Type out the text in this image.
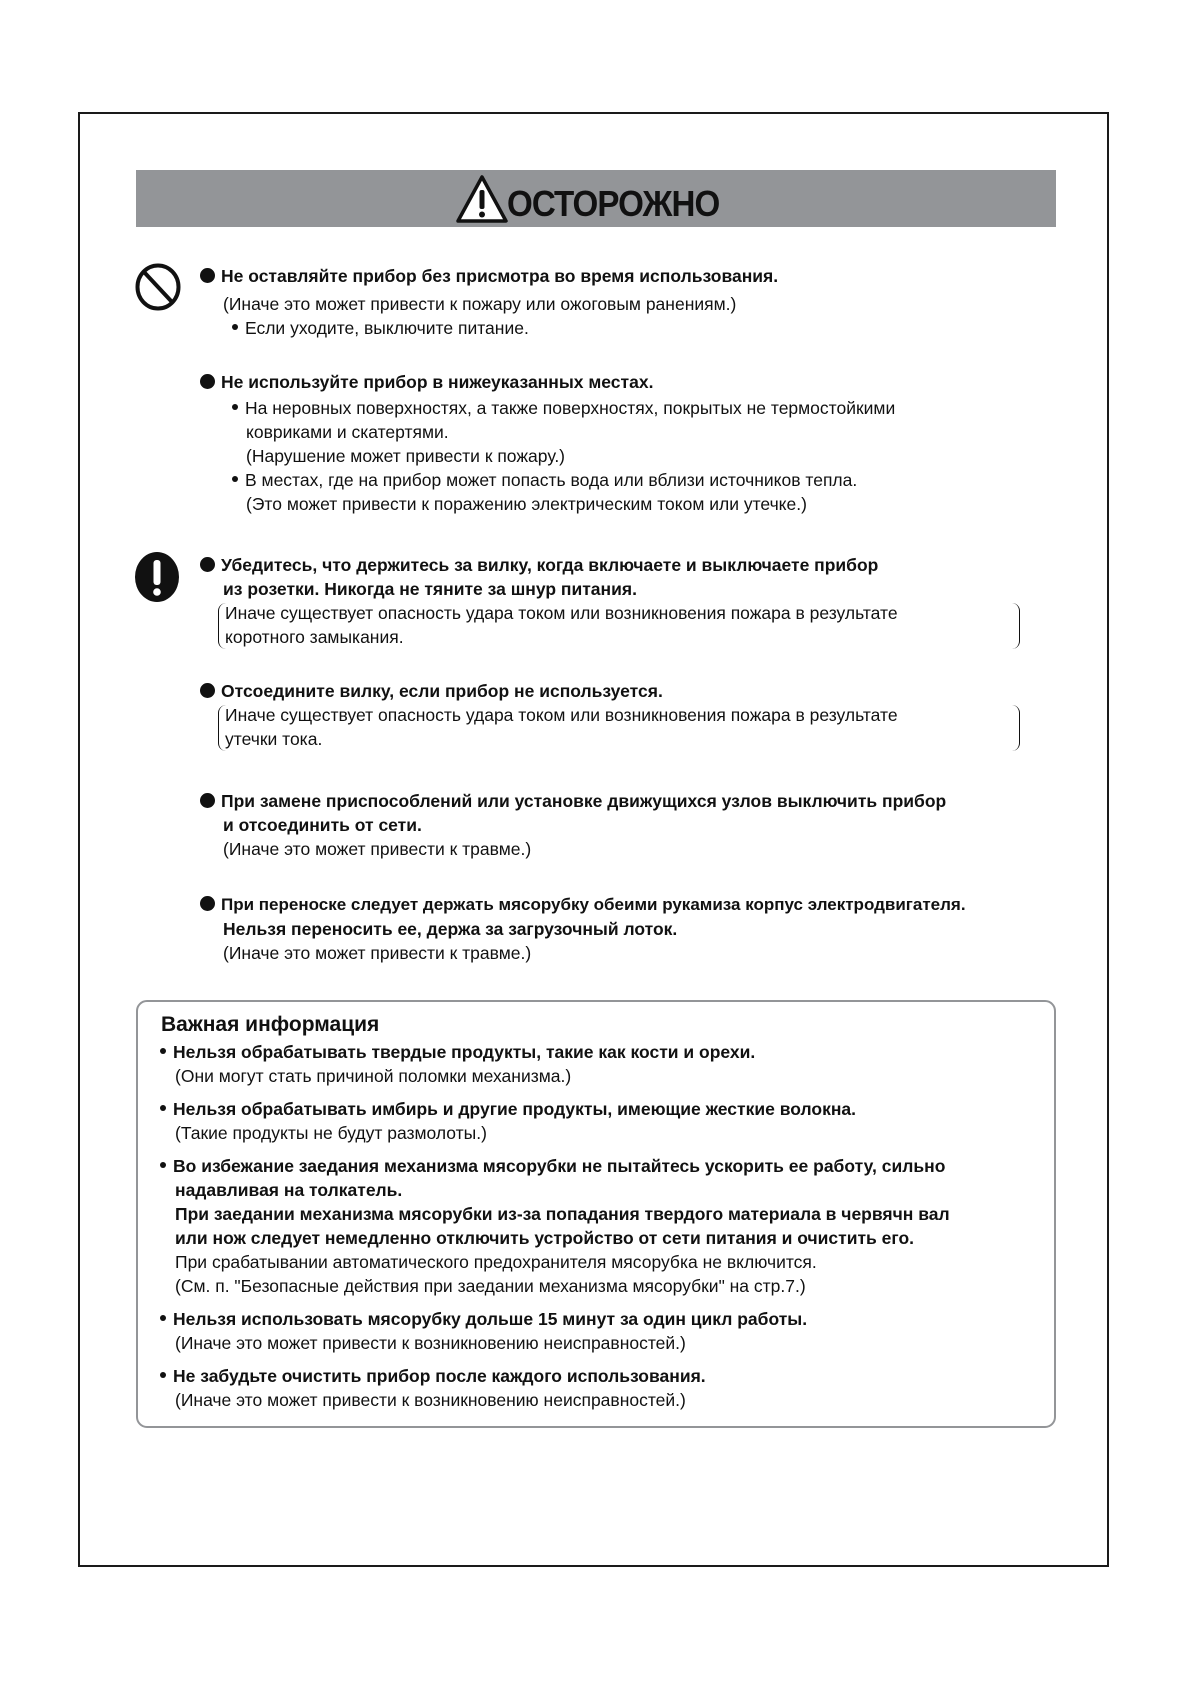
ОСТОРОЖНО
Не оставляйте прибор без присмотра во время использования.
(Иначе это может привести к пожару или ожоговым ранениям.)
Если уходите, выключите питание.
Не используйте прибор в нижеуказанных местах.
На неровных поверхностях, а также поверхностях, покрытых не термостойкими
ковриками и скатертями.
(Нарушение может привести к пожару.)
В местах, где на прибор может попасть вода или вблизи источников тепла.
(Это может привести к поражению электрическим током или утечке.)
Убедитесь, что держитесь за вилку, когда включаете и выключаете прибор
из розетки. Никогда не тяните за шнур питания.
Иначе существует опасность удара током или возникновения пожара в результате
коротного замыкания.
Отсоедините вилку, если прибор не используется.
Иначе существует опасность удара током или возникновения пожара в результате
утечки тока.
При замене приспособлений или установке движущихся узлов выключить прибор
и отсоединить от сети.
(Иначе это может привести к травме.)
При переноске следует держать мясорубку обеими рукамиза корпус электродвигателя.
Нельзя переносить ее, держа за загрузочный лоток.
(Иначе это может привести к травме.)
Важная информация
Нельзя обрабатывать твердые продукты, такие как кости и орехи.
(Они могут стать причиной поломки механизма.)
Нельзя обрабатывать имбирь и другие продукты, имеющие жесткие волокна.
(Такие продукты не будут размолоты.)
Во избежание заедания механизма мясорубки не пытайтесь ускорить ее работу, сильно
надавливая на толкатель.
При заедании механизма мясорубки из-за попадания твердого материала в червячн вал
или нож следует немедленно отключить устройство от сети питания и очистить его.
При срабатывании автоматического предохранителя мясорубка не включится.
(См. п. "Безопасные действия при заедании механизма мясорубки" на стр.7.)
Нельзя использовать мясорубку дольше 15 минут за один цикл работы.
(Иначе это может привести к возникновению неисправностей.)
Не забудьте очистить прибор после каждого использования.
(Иначе это может привести к возникновению неисправностей.)
